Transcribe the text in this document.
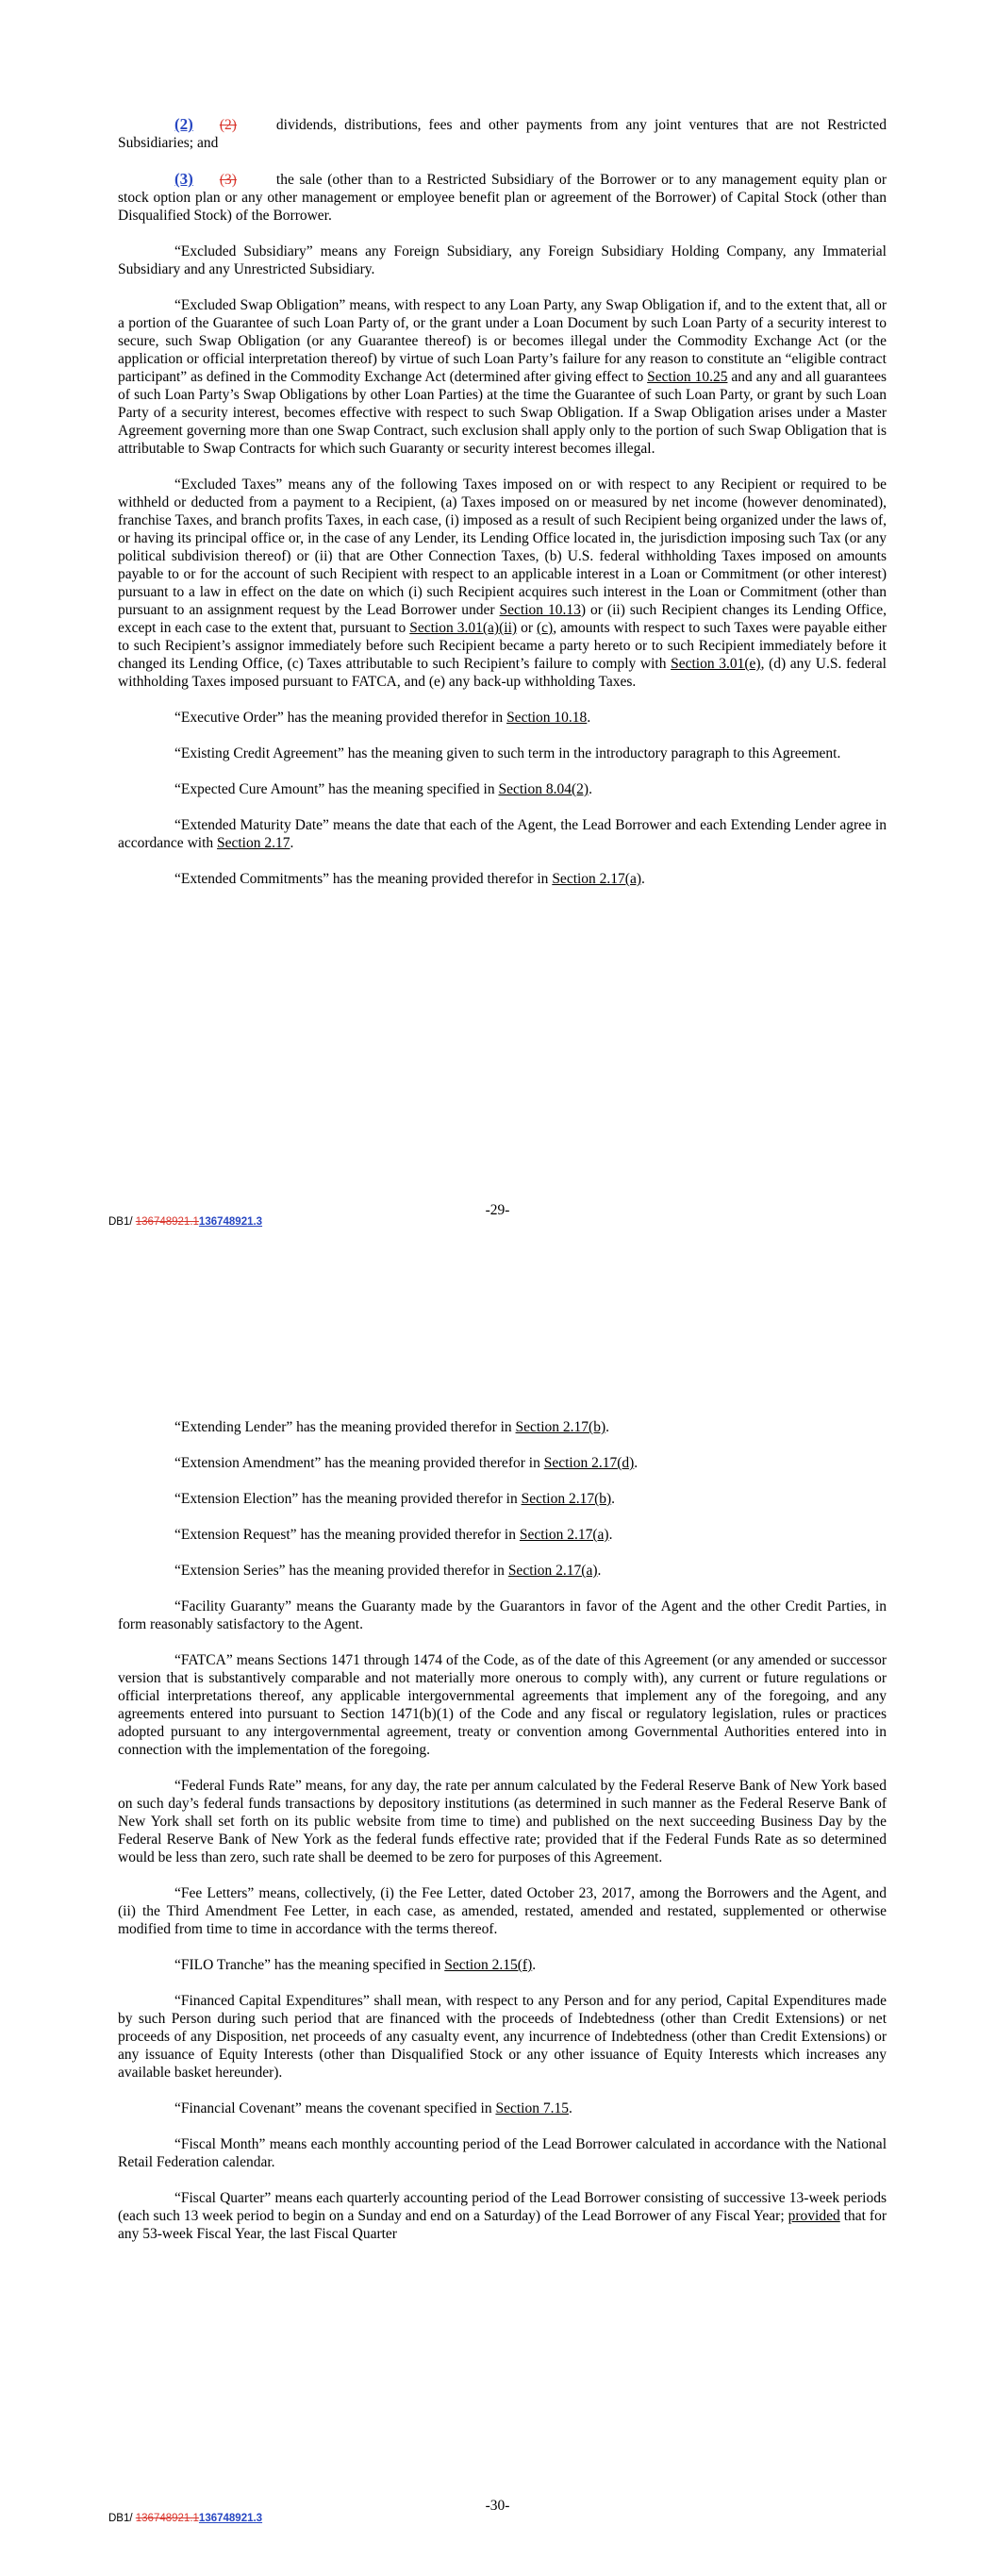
(2) (2)	dividends, distributions, fees and other payments from any joint ventures that are not Restricted Subsidiaries; and

(3) (3)	the sale (other than to a Restricted Subsidiary of the Borrower or to any management equity plan or stock option plan or any other management or employee benefit plan or agreement of the Borrower) of Capital Stock (other than Disqualified Stock) of the Borrower.

“Excluded Subsidiary” means any Foreign Subsidiary, any Foreign Subsidiary Holding Company, any Immaterial Subsidiary and any Unrestricted Subsidiary.

“Excluded Swap Obligation” means, with respect to any Loan Party, any Swap Obligation if, and to the extent that, all or a portion of the Guarantee of such Loan Party of, or the grant under a Loan Document by such Loan Party of a security interest to secure, such Swap Obligation (or any Guarantee thereof) is or becomes illegal under the Commodity Exchange Act (or the application or official interpretation thereof) by virtue of such Loan Party’s failure for any reason to constitute an “eligible contract participant” as defined in the Commodity Exchange Act (determined after giving effect to Section 10.25 and any and all guarantees of such Loan Party’s Swap Obligations by other Loan Parties) at the time the Guarantee of such Loan Party, or grant by such Loan Party of a security interest, becomes effective with respect to such Swap Obligation. If a Swap Obligation arises under a Master Agreement governing more than one Swap Contract, such exclusion shall apply only to the portion of such Swap Obligation that is attributable to Swap Contracts for which such Guaranty or security interest becomes illegal.

“Excluded Taxes” means any of the following Taxes imposed on or with respect to any Recipient or required to be withheld or deducted from a payment to a Recipient, (a) Taxes imposed on or measured by net income (however denominated), franchise Taxes, and branch profits Taxes, in each case, (i) imposed as a result of such Recipient being organized under the laws of, or having its principal office or, in the case of any Lender, its Lending Office located in, the jurisdiction imposing such Tax (or any political subdivision thereof) or (ii) that are Other Connection Taxes, (b) U.S. federal withholding Taxes imposed on amounts payable to or for the account of such Recipient with respect to an applicable interest in a Loan or Commitment (or other interest) pursuant to a law in effect on the date on which (i) such Recipient acquires such interest in the Loan or Commitment (other than pursuant to an assignment request by the Lead Borrower under Section 10.13) or (ii) such Recipient changes its Lending Office, except in each case to the extent that, pursuant to Section 3.01(a)(ii) or (c), amounts with respect to such Taxes were payable either to such Recipient’s assignor immediately before such Recipient became a party hereto or to such Recipient immediately before it changed its Lending Office, (c) Taxes attributable to such Recipient’s failure to comply with Section 3.01(e), (d) any U.S. federal withholding Taxes imposed pursuant to FATCA, and (e) any back-up withholding Taxes.

“Executive Order” has the meaning provided therefor in Section 10.18.

“Existing Credit Agreement” has the meaning given to such term in the introductory paragraph to this Agreement.

“Expected Cure Amount” has the meaning specified in Section 8.04(2).

“Extended Maturity Date” means the date that each of the Agent, the Lead Borrower and each Extending Lender agree in accordance with Section 2.17.

“Extended Commitments” has the meaning provided therefor in Section 2.17(a).

DB1/ 136748921.1136748921.3
-29-

“Extending Lender” has the meaning provided therefor in Section 2.17(b).

“Extension Amendment” has the meaning provided therefor in Section 2.17(d).

“Extension Election” has the meaning provided therefor in Section 2.17(b).

“Extension Request” has the meaning provided therefor in Section 2.17(a).

“Extension Series” has the meaning provided therefor in Section 2.17(a).

“Facility Guaranty” means the Guaranty made by the Guarantors in favor of the Agent and the other Credit Parties, in form reasonably satisfactory to the Agent.

“FATCA” means Sections 1471 through 1474 of the Code, as of the date of this Agreement (or any amended or successor version that is substantively comparable and not materially more onerous to comply with), any current or future regulations or official interpretations thereof, any applicable intergovernmental agreements that implement any of the foregoing, and any agreements entered into pursuant to Section 1471(b)(1) of the Code and any fiscal or regulatory legislation, rules or practices adopted pursuant to any intergovernmental agreement, treaty or convention among Governmental Authorities entered into in connection with the implementation of the foregoing.

“Federal Funds Rate” means, for any day, the rate per annum calculated by the Federal Reserve Bank of New York based on such day’s federal funds transactions by depository institutions (as determined in such manner as the Federal Reserve Bank of New York shall set forth on its public website from time to time) and published on the next succeeding Business Day by the Federal Reserve Bank of New York as the federal funds effective rate; provided that if the Federal Funds Rate as so determined would be less than zero, such rate shall be deemed to be zero for purposes of this Agreement.

“Fee Letters” means, collectively, (i) the Fee Letter, dated October 23, 2017, among the Borrowers and the Agent, and (ii) the Third Amendment Fee Letter, in each case, as amended, restated, amended and restated, supplemented or otherwise modified from time to time in accordance with the terms thereof.

“FILO Tranche” has the meaning specified in Section 2.15(f).

“Financed Capital Expenditures” shall mean, with respect to any Person and for any period, Capital Expenditures made by such Person during such period that are financed with the proceeds of Indebtedness (other than Credit Extensions) or net proceeds of any Disposition, net proceeds of any casualty event, any incurrence of Indebtedness (other than Credit Extensions) or any issuance of Equity Interests (other than Disqualified Stock or any other issuance of Equity Interests which increases any available basket hereunder).

“Financial Covenant” means the covenant specified in Section 7.15.

“Fiscal Month” means each monthly accounting period of the Lead Borrower calculated in accordance with the National Retail Federation calendar.

“Fiscal Quarter” means each quarterly accounting period of the Lead Borrower consisting of successive 13-week periods (each such 13 week period to begin on a Sunday and end on a Saturday) of the Lead Borrower of any Fiscal Year; provided that for any 53-week Fiscal Year, the last Fiscal Quarter

DB1/ 136748921.1136748921.3
-30-
